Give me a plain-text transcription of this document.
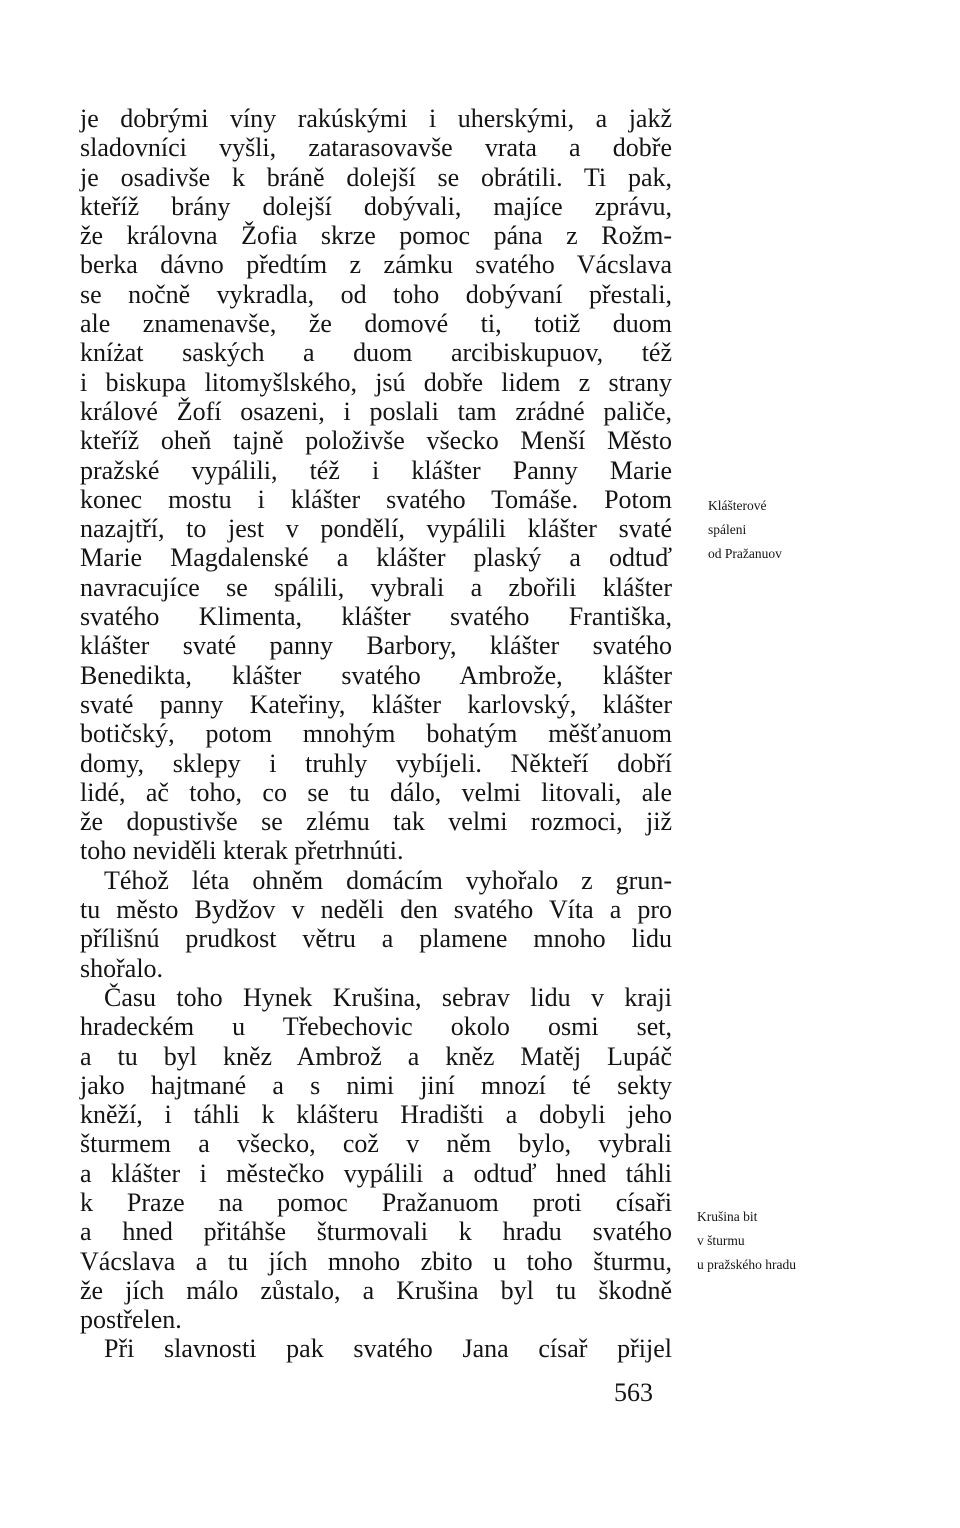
je dobrými víny rakúskými i uherskými, a jakž
sladovníci vyšli, zatarasovavše vrata a dobře
je osadivše k bráně dolejší se obrátili. Ti pak,
kteříž brány dolejší dobývali, majíce zprávu,
že královna Žofia skrze pomoc pána z Rožm-
berka dávno předtím z zámku svatého Vácslava
se nočně vykradla, od toho dobývaní přestali,
ale znamenavše, že domové ti, totiž duom
kníżat saských a duom arcibiskupuov, též
i biskupa litomyšlského, jsú dobře lidem z strany
králové Žofí osazeni, i poslali tam zrádné paliče,
kteříž oheň tajně položivše všecko Menší Město
pražské vypálili, též i klášter Panny Marie
konec mostu i klášter svatého Tomáše. Potom
nazajtří, to jest v pondělí, vypálili klášter svaté
Marie Magdalenské a klášter plaský a odtuď
navracujíce se spálili, vybrali a zbořili klášter
svatého Klimenta, klášter svatého Františka,
klášter svaté panny Barbory, klášter svatého
Benedikta, klášter svatého Ambrože, klášter
svaté panny Kateřiny, klášter karlovský, klášter
botičský, potom mnohým bohatým měšťanuom
domy, sklepy i truhly vybíjeli. Někteří dobří
lidé, ač toho, co se tu dálo, velmi litovali, ale
že dopustivše se zlému tak velmi rozmoci, již
toho neviděli kterak přetrhnúti.
Téhož léta ohněm domácím vyhořalo z grun-
tu město Bydžov v neděli den svatého Víta a pro
přílišnú prudkost větru a plamene mnoho lidu
shořalo.
Času toho Hynek Krušina, sebrav lidu v kraji
hradeckém u Třebechovic okolo osmi set,
a tu byl kněz Ambrož a kněz Matěj Lupáč
jako hajtmané a s nimi jiní mnozí té sekty
kněží, i táhli k klášteru Hradišti a dobyli jeho
šturmem a všecko, což v něm bylo, vybrali
a klášter i městečko vypálili a odtuď hned táhli
k Praze na pomoc Pražanuom proti císaři
a hned přitáhše šturmovali k hradu svatého
Vácslava a tu jích mnoho zbito u toho šturmu,
že jích málo zůstalo, a Krušina byl tu škodně
postřelen.
Při slavnosti pak svatého Jana císař přijel
Klášterové
spáleni
od Pražanuov
Krušina bit
v šturmu
u pražského hradu
563
